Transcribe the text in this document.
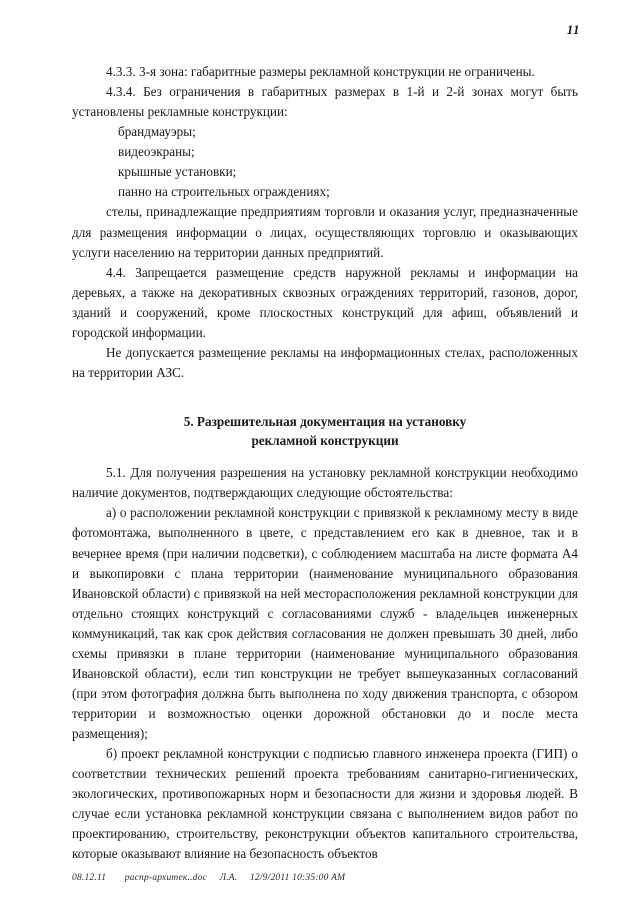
11

4.3.3. 3-я зона: габаритные размеры рекламной конструкции не ограничены.

4.3.4. Без ограничения в габаритных размерах в 1-й и 2-й зонах могут быть установлены рекламные конструкции:

брандмауэры;

видеоэкраны;

крышные установки;

панно на строительных ограждениях;

стелы, принадлежащие предприятиям торговли и оказания услуг, предназначенные для размещения информации о лицах, осуществляющих торговлю и оказывающих услуги населению на территории данных предприятий.

4.4. Запрещается размещение средств наружной рекламы и информации на деревьях, а также на декоративных сквозных ограждениях территорий, газонов, дорог, зданий и сооружений, кроме плоскостных конструкций для афиш, объявлений и городской информации.

Не допускается размещение рекламы на информационных стелах, расположенных на территории АЗС.

5. Разрешительная документация на установку
рекламной конструкции

5.1. Для получения разрешения на установку рекламной конструкции необходимо наличие документов, подтверждающих следующие обстоятельства:

а) о расположении рекламной конструкции с привязкой к рекламному месту в виде фотомонтажа, выполненного в цвете, с представлением его как в дневное, так и в вечернее время (при наличии подсветки), с соблюдением масштаба на листе формата А4 и выкопировки с плана территории (наименование муниципального образования Ивановской области) с привязкой на ней месторасположения рекламной конструкции для отдельно стоящих конструкций с согласованиями служб - владельцев инженерных коммуникаций, так как срок действия согласования не должен превышать 30 дней, либо схемы привязки в плане территории (наименование муниципального образования Ивановской области), если тип конструкции не требует вышеуказанных согласований (при этом фотография должна быть выполнена по ходу движения транспорта, с обзором территории и возможностью оценки дорожной обстановки до и после места размещения);

б) проект рекламной конструкции с подписью главного инженера проекта (ГИП) о соответствии технических решений проекта требованиям санитарно-гигиенических, экологических, противопожарных норм и безопасности для жизни и здоровья людей. В случае если установка рекламной конструкции связана с выполнением видов работ по проектированию, строительству, реконструкции объектов капитального строительства, которые оказывают влияние на безопасность объектов

08.12.11 распр-архитек..doc Л.А. 12/9/2011 10:35:00 AM
